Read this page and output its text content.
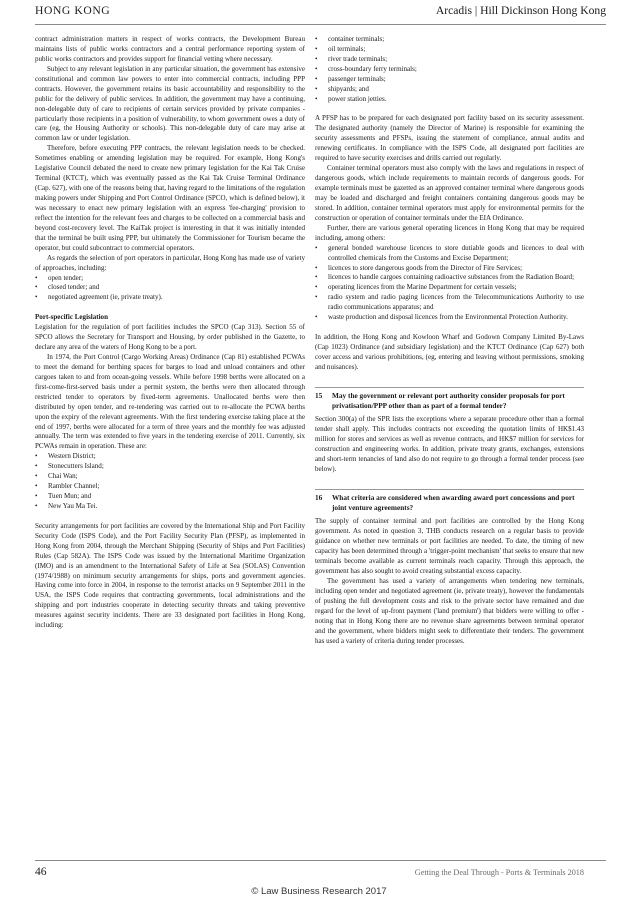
HONG KONG	Arcadis | Hill Dickinson Hong Kong

contract administration matters in respect of works contracts, the Development Bureau maintains lists of public works contractors and a central performance reporting system of public works contractors and provides support for financial vetting where necessary.

Subject to any relevant legislation in any particular situation, the government has extensive constitutional and common law powers to enter into commercial contracts, including PPP contracts. However, the government retains its basic accountability and responsibility to the public for the delivery of public services. In addition, the government may have a continuing, non-delegable duty of care to recipients of certain services provided by private companies - particularly those recipients in a position of vulnerability, to whom government owes a duty of care (eg, the Housing Authority or schools). This non-delegable duty of care may arise at common law or under legislation.

Therefore, before executing PPP contracts, the relevant legislation needs to be checked. Sometimes enabling or amending legislation may be required. For example, Hong Kong's Legislative Council debated the need to create new primary legislation for the Kai Tak Cruise Terminal (KTCT), which was eventually passed as the Kai Tak Cruise Terminal Ordinance (Cap. 627), with one of the reasons being that, having regard to the limitations of the regulation making powers under Shipping and Port Control Ordinance (SPCO, which is defined below), it was necessary to enact new primary legislation with an express 'fee-charging' provision to reflect the intention for the relevant fees and charges to be collected on a commercial basis and beyond cost-recovery level. The KaiTak project is interesting in that it was initially intended that the terminal be built using PPP, but ultimately the Commissioner for Tourism became the operator, but could subcontract to commercial operators.

As regards the selection of port operators in particular, Hong Kong has made use of variety of approaches, including:

• open tender;
• closed tender; and
• negotiated agreement (ie, private treaty).

Port-specific Legislation

Legislation for the regulation of port facilities includes the SPCO (Cap 313). Section 55 of SPCO allows the Secretary for Transport and Housing, by order published in the Gazette, to declare any area of the waters of Hong Kong to be a port.

In 1974, the Port Control (Cargo Working Areas) Ordinance (Cap 81) established PCWAs to meet the demand for berthing spaces for barges to load and unload containers and other cargoes taken to and from ocean-going vessels. While before 1998 berths were allocated on a first-come-first-served basis under a permit system, the berths were then allocated through restricted tender to operators by fixed-term agreements. Unallocated berths were then distributed by open tender, and re-tendering was carried out to re-allocate the PCWA berths upon the expiry of the relevant agreements. With the first tendering exercise taking place at the end of 1997, berths were allocated for a term of three years and the monthly fee was adjusted annually. The term was extended to five years in the tendering exercise of 2011. Currently, six PCWAs remain in operation. These are:

• Western District;
• Stonecutters Island;
• Chai Wan;
• Rambler Channel;
• Tuen Mun; and
• New Yau Ma Tei.

Security arrangements for port facilities are covered by the International Ship and Port Facility Security Code (ISPS Code), and the Port Facility Security Plan (PFSP), as implemented in Hong Kong from 2004, through the Merchant Shipping (Security of Ships and Port Facilities) Rules (Cap 582A). The ISPS Code was issued by the International Maritime Organization (IMO) and is an amendment to the International Safety of Life at Sea (SOLAS) Convention (1974/1988) on minimum security arrangements for ships, ports and government agencies. Having come into force in 2004, in response to the terrorist attacks on 9 September 2011 in the USA, the ISPS Code requires that contracting governments, local administrations and the shipping and port industries cooperate in detecting security threats and taking preventive measures against security incidents. There are 33 designated port facilities in Hong Kong, including:

• container terminals;
• oil terminals;
• river trade terminals;
• cross-boundary ferry terminals;
• passenger terminals;
• shipyards; and
• power station jetties.

A PFSP has to be prepared for each designated port facility based on its security assessment. The designated authority (namely the Director of Marine) is responsible for examining the security assessments and PFSPs, issuing the statement of compliance, annual audits and renewing certificates. In compliance with the ISPS Code, all designated port facilities are required to have security exercises and drills carried out regularly.

Container terminal operators must also comply with the laws and regulations in respect of dangerous goods, which include requirements to maintain records of dangerous goods. For example terminals must be gazetted as an approved container terminal where dangerous goods may be loaded and discharged and freight containers containing dangerous goods may be stored. In addition, container terminal operators must apply for environmental permits for the construction or operation of container terminals under the EIA Ordinance.

Further, there are various general operating licences in Hong Kong that may be required including, among others:

• general bonded warehouse licences to store dutiable goods and licences to deal with controlled chemicals from the Customs and Excise Department;
• licences to store dangerous goods from the Director of Fire Services;
• licences to handle cargoes containing radioactive substances from the Radiation Board;
• operating licences from the Marine Department for certain vessels;
• radio system and radio paging licences from the Telecommunications Authority to use radio communications apparatus; and
• waste production and disposal licences from the Environmental Protection Authority.

In addition, the Hong Kong and Kowloon Wharf and Godown Company Limited By-Laws (Cap 1023) Ordinance (and subsidiary legislation) and the KTCT Ordinance (Cap 627) both cover access and various prohibitions, (eg, entering and leaving without permissions, smoking and nuisances).

15	May the government or relevant port authority consider proposals for port privatisation/PPP other than as part of a formal tender?

Section 300(a) of the SPR lists the exceptions where a separate procedure other than a formal tender shall apply. This includes contracts not exceeding the quotation limits of HK$1.43 million for stores and services as well as revenue contracts, and HK$7 million for services for construction and engineering works. In addition, private treaty grants, exchanges, extensions and short-term tenancies of land also do not require to go through a formal tender process (see below).

16	What criteria are considered when awarding award port concessions and port joint venture agreements?

The supply of container terminal and port facilities are controlled by the Hong Kong government. As noted in question 3, THB conducts research on a regular basis to provide guidance on whether new terminals or port facilities are needed. To date, the timing of new capacity has been determined through a 'trigger-point mechanism' that seeks to ensure that new terminals become available as current terminals reach capacity. Through this approach, the government has also sought to avoid creating substantial excess capacity.

The government has used a variety of arrangements when tendering new terminals, including open tender and negotiated agreement (ie, private treaty), however the fundamentals of pushing the full development costs and risk to the private sector have remained and due regard for the level of up-front payment ('land premium') that bidders were willing to offer - noting that in Hong Kong there are no revenue share agreements between terminal operator and the government, where bidders might seek to differentiate their tenders. The government has used a variety of criteria during tender processes.

46	Getting the Deal Through - Ports & Terminals 2018
© Law Business Research 2017
